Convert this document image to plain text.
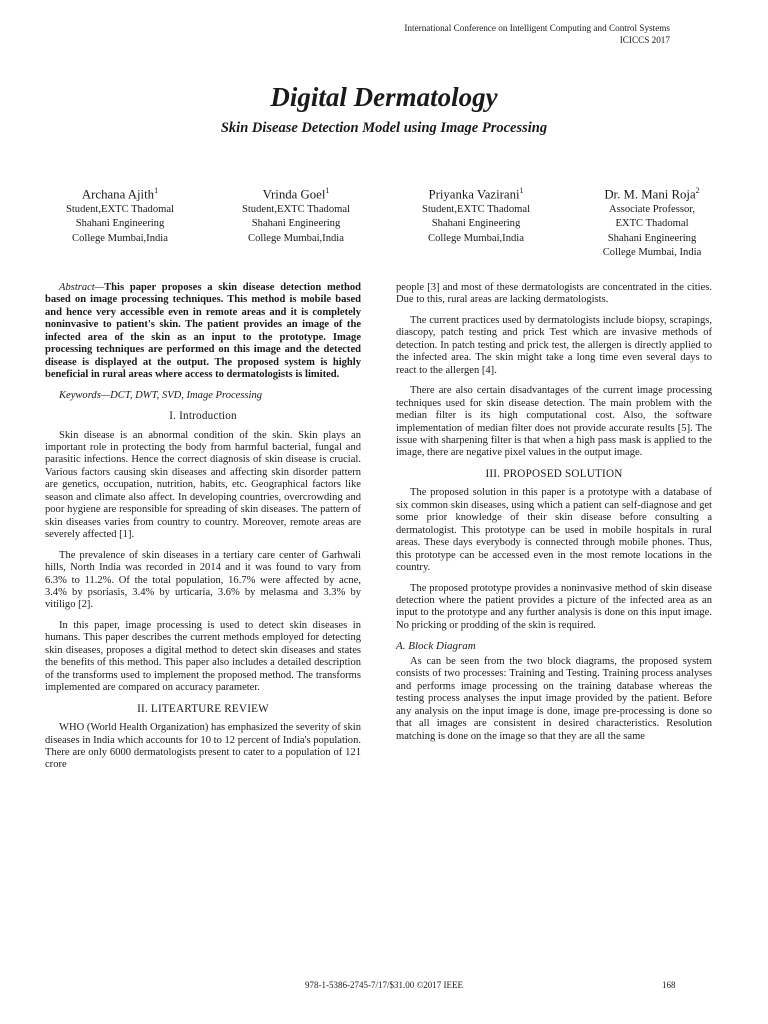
International Conference on Intelligent Computing and Control Systems
ICICCS 2017
Digital Dermatology
Skin Disease Detection Model using Image Processing
Archana Ajith$^1$
Student,EXTC Thadomal
Shahani Engineering
College Mumbai,India
Vrinda Goel$^1$
Student,EXTC Thadomal
Shahani Engineering
College Mumbai,India
Priyanka Vazirani$^1$
Student,EXTC Thadomal
Shahani Engineering
College Mumbai,India
Dr. M. Mani Roja$^2$
Associate Professor,
EXTC Thadomal
Shahani Engineering
College Mumbai, India

Abstract—This paper proposes a skin disease detection method based on image processing techniques. This method is mobile based and hence very accessible even in remote areas and it is completely noninvasive to patient's skin. The patient provides an image of the infected area of the skin as an input to the prototype. Image processing techniques are performed on this image and the detected disease is displayed at the output. The proposed system is highly beneficial in rural areas where access to dermatologists is limited.

Keywords—DCT, DWT, SVD, Image Processing

I. Introduction

Skin disease is an abnormal condition of the skin. Skin plays an important role in protecting the body from harmful bacterial, fungal and parasitic infections. Hence the correct diagnosis of skin disease is crucial. Various factors causing skin diseases and affecting skin disorder pattern are genetics, occupation, nutrition, habits, etc. Geographical factors like season and climate also affect. In developing countries, overcrowding and poor hygiene are responsible for spreading of skin diseases. The pattern of skin diseases varies from country to country. Moreover, remote areas are severely affected [1].

The prevalence of skin diseases in a tertiary care center of Garhwali hills, North India was recorded in 2014 and it was found to vary from 6.3% to 11.2%. Of the total population, 16.7% were affected by acne, 3.4% by psoriasis, 3.4% by urticaria, 3.6% by melasma and 3.3% by vitiligo [2].

In this paper, image processing is used to detect skin diseases in humans. This paper describes the current methods employed for detecting skin diseases, proposes a digital method to detect skin diseases and states the benefits of this method. This paper also includes a detailed description of the transforms used to implement the proposed method. The transforms implemented are compared on accuracy parameter.

II. LITEARTURE REVIEW

WHO (World Health Organization) has emphasized the severity of skin diseases in India which accounts for 10 to 12 percent of India's population. There are only 6000 dermatologists present to cater to a population of 121 crore

people [3] and most of these dermatologists are concentrated in the cities. Due to this, rural areas are lacking dermatologists.

The current practices used by dermatologists include biopsy, scrapings, diascopy, patch testing and prick Test which are invasive methods of detection. In patch testing and prick test, the allergen is directly applied to the infected area. The skin might take a long time even several days to react to the allergen [4].

There are also certain disadvantages of the current image processing techniques used for skin disease detection. The main problem with the median filter is its high computational cost. Also, the software implementation of median filter does not provide accurate results [5]. The issue with sharpening filter is that when a high pass mask is applied to the image, there are negative pixel values in the output image.

III. PROPOSED SOLUTION

The proposed solution in this paper is a prototype with a database of six common skin diseases, using which a patient can self-diagnose and get some prior knowledge of their skin disease before consulting a dermatologist. This prototype can be used in mobile hospitals in rural areas. These days everybody is connected through mobile phones. Thus, this prototype can be accessed even in the most remote locations in the country.

The proposed prototype provides a noninvasive method of skin disease detection where the patient provides a picture of the infected area as an input to the prototype and any further analysis is done on this input image. No pricking or prodding of the skin is required.

A. Block Diagram

As can be seen from the two block diagrams, the proposed system consists of two processes: Training and Testing. Training process analyses and performs image processing on the training database whereas the testing process analyses the input image provided by the patient. Before any analysis on the input image is done, image pre-processing is done so that all images are consistent in desired characteristics. Resolution matching is done on the image so that they are all the same

978-1-5386-2745-7/17/$31.00 ©2017 IEEE	168
